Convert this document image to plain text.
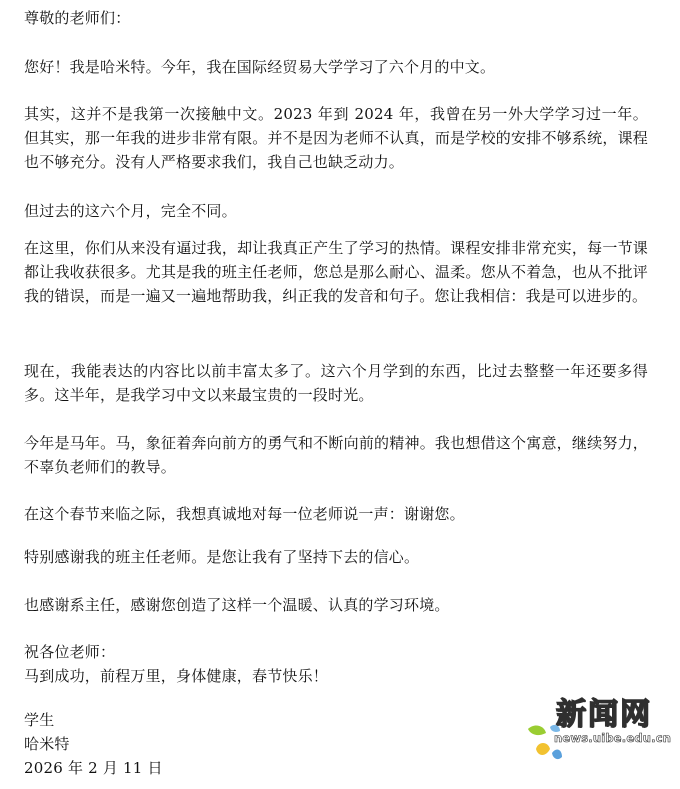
尊敬的老师们：

您好！我是哈米特。今年，我在国际经贸易大学学习了六个月的中文。

其实，这并不是我第一次接触中文。2023 年到 2024 年，我曾在另一外大学学习过一年。但其实，那一年我的进步非常有限。并不是因为老师不认真，而是学校的安排不够系统，课程也不够充分。没有人严格要求我们，我自己也缺乏动力。

但过去的这六个月，完全不同。

在这里，你们从来没有逼过我，却让我真正产生了学习的热情。课程安排非常充实，每一节课都让我收获很多。尤其是我的班主任老师，您总是那么耐心、温柔。您从不着急，也从不批评我的错误，而是一遍又一遍地帮助我，纠正我的发音和句子。您让我相信：我是可以进步的。

现在，我能表达的内容比以前丰富太多了。这六个月学到的东西，比过去整整一年还要多得多。这半年，是我学习中文以来最宝贵的一段时光。

今年是马年。马，象征着奔向前方的勇气和不断向前的精神。我也想借这个寓意，继续努力，不辜负老师们的教导。

在这个春节来临之际，我想真诚地对每一位老师说一声：谢谢您。

特别感谢我的班主任老师。是您让我有了坚持下去的信心。

也感谢系主任，感谢您创造了这样一个温暖、认真的学习环境。

祝各位老师：

马到成功，前程万里，身体健康，春节快乐！

学生

哈米特

2026 年 2 月 11 日

新闻网
news.uibe.edu.cn
